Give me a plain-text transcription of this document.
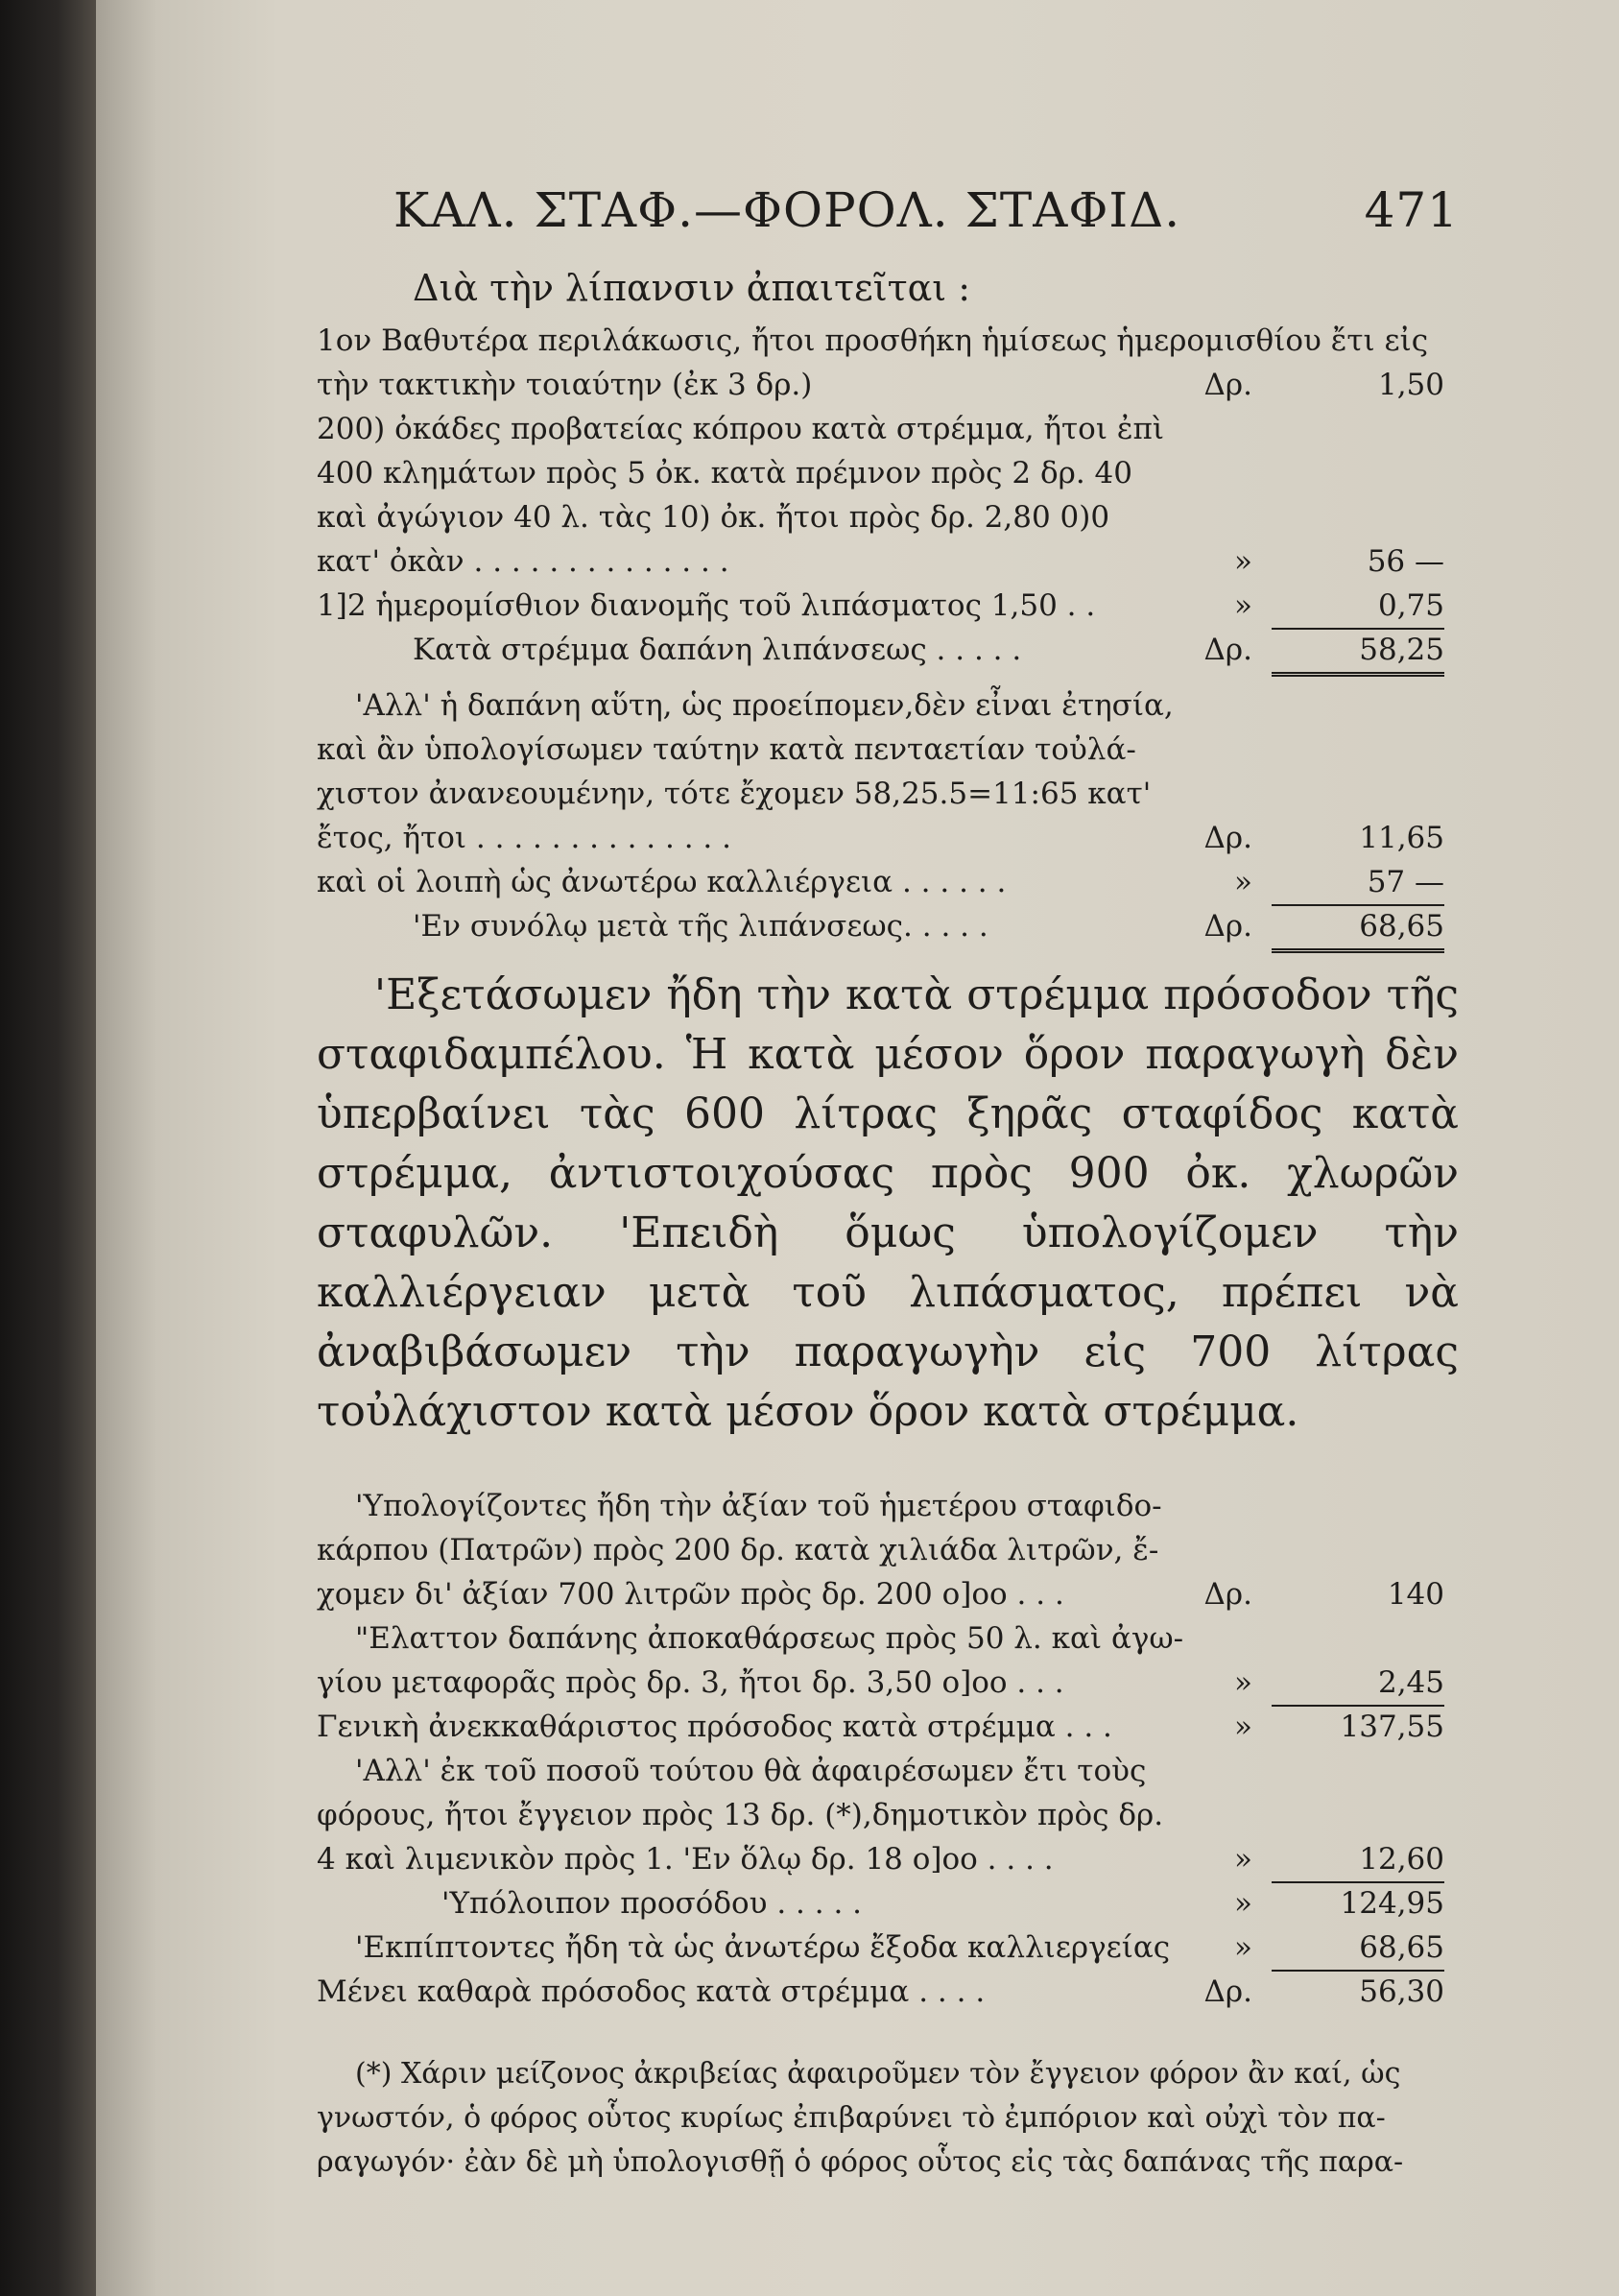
ΚΑΛ. ΣΤΑΦ.—ΦΟΡΟΛ. ΣΤΑΦΙΔ.	471
Διὰ τὴν λίπανσιν ἀπαιτεῖται :
1ον Βαθυτέρα περιλάκωσις, ἤτοι προσθήκη ἡμίσεως ἡμερομισθίου ἔτι εἰς
τὴν τακτικὴν τοιαύτην (ἐκ 3 δρ.)	Δρ.	1,50
200) ὀκάδες προβατείας κόπρου κατὰ στρέμμα, ἤτοι ἐπὶ
400 κλημάτων πρὸς 5 ὀκ. κατὰ πρέμνον πρὸς 2 δρ. 40
καὶ ἀγώγιον 40 λ. τὰς 10) ὀκ. ἤτοι πρὸς δρ. 2,80 0)0
κατ' ὀκὰν . . . . . . . . . . . . . .	»	56 —
1]2 ἡμερομίσθιον διανομῆς τοῦ λιπάσματος 1,50 . .	»	0,75
Κατὰ στρέμμα δαπάνη λιπάνσεως . . . . .	Δρ.	58,25
'Αλλ' ἡ δαπάνη αὕτη, ὡς προείπομεν,δὲν εἶναι ἐτησία,
καὶ ἂν ὑπολογίσωμεν ταύτην κατὰ πενταετίαν τοὐλά-
χιστον ἀνανεουμένην, τότε ἔχομεν 58,25.5=11:65 κατ'
ἔτος, ἤτοι . . . . . . . . . . . . . .	Δρ.	11,65
καὶ οἱ λοιπὴ ὡς ἀνωτέρω καλλιέργεια . . . . . .	»	57 —
'Εν συνόλῳ μετὰ τῆς λιπάνσεως. . . . .	Δρ.	68,65

'Εξετάσωμεν ἤδη τὴν κατὰ στρέμμα πρόσοδον τῆς σταφιδαμπέλου. Ἡ κατὰ μέσον ὅρον παραγωγὴ δὲν ὑπερβαίνει τὰς 600 λίτρας ξηρᾶς σταφίδος κατὰ στρέμμα, ἀντιστοιχούσας πρὸς 900 ὀκ. χλωρῶν σταφυλῶν. 'Επειδὴ ὅμως ὑπολογίζομεν τὴν καλλιέργειαν μετὰ τοῦ λιπάσματος, πρέπει νὰ ἀναβιβάσωμεν τὴν παραγωγὴν εἰς 700 λίτρας τοὐλάχιστον κατὰ μέσον ὅρον κατὰ στρέμμα.

'Υπολογίζοντες ἤδη τὴν ἀξίαν τοῦ ἡμετέρου σταφιδο-
κάρπου (Πατρῶν) πρὸς 200 δρ. κατὰ χιλιάδα λιτρῶν, ἔ-
χομεν δι' ἀξίαν 700 λιτρῶν πρὸς δρ. 200 ο]οο . . .	Δρ.	140
"Ελαττον δαπάνης ἀποκαθάρσεως πρὸς 50 λ. καὶ ἀγω-
γίου μεταφορᾶς πρὸς δρ. 3, ἤτοι δρ. 3,50 ο]οο . . .	»	2,45
Γενικὴ ἀνεκκαθάριστος πρόσοδος κατὰ στρέμμα . . .	»	137,55
'Αλλ' ἐκ τοῦ ποσοῦ τούτου θὰ ἀφαιρέσωμεν ἔτι τοὺς
φόρους, ἤτοι ἔγγειον πρὸς 13 δρ. (*),δημοτικὸν πρὸς δρ.
4 καὶ λιμενικὸν πρὸς 1. 'Εν ὅλῳ δρ. 18 ο]οο . . . .	»	12,60
'Υπόλοιπον προσόδου . . . . .	»	124,95
'Εκπίπτοντες ἤδη τὰ ὡς ἀνωτέρω ἔξοδα καλλιεργείας »	68,65
Μένει καθαρὰ πρόσοδος κατὰ στρέμμα . . . .	Δρ.	56,30
(*) Χάριν μείζονος ἀκριβείας ἀφαιροῦμεν τὸν ἔγγειον φόρον ἂν καί, ὡς
γνωστόν, ὁ φόρος οὗτος κυρίως ἐπιβαρύνει τὸ ἐμπόριον καὶ οὐχὶ τὸν πα-
ραγωγόν· ἐὰν δὲ μὴ ὑπολογισθῇ ὁ φόρος οὗτος εἰς τὰς δαπάνας τῆς παρα-
